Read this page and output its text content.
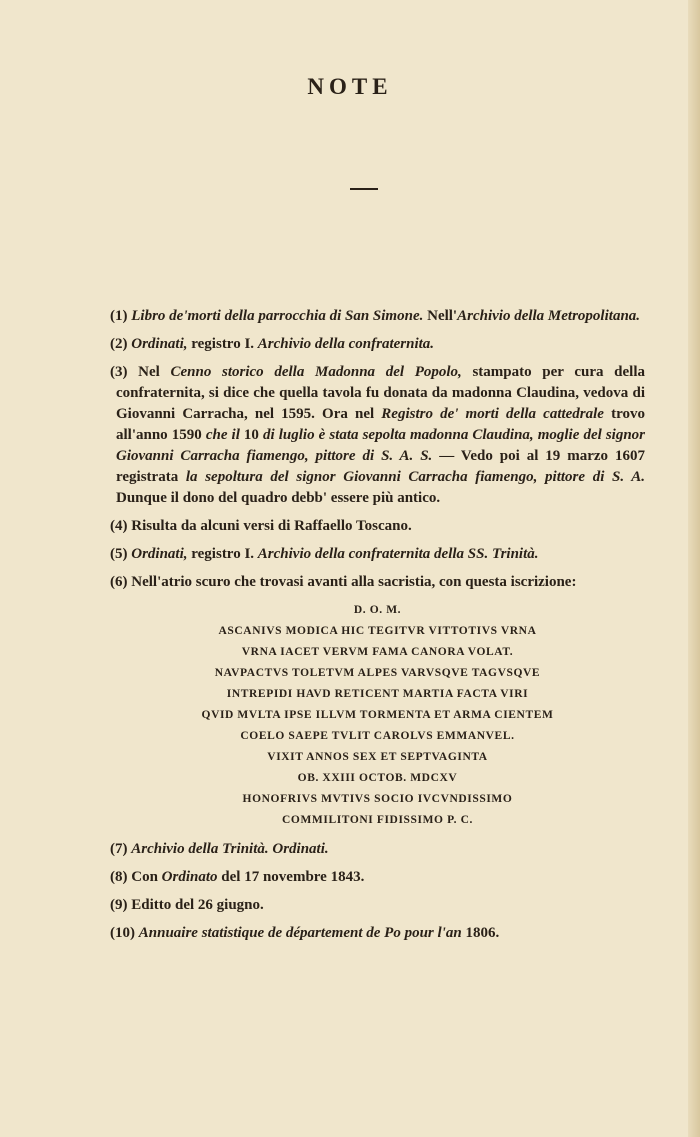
NOTE

(1) Libro de'morti della parrocchia di San Simone. Nell'Archivio della Metropolitana.

(2) Ordinati, registro I. Archivio della confraternita.

(3) Nel Cenno storico della Madonna del Popolo, stampato per cura della confraternita, si dice che quella tavola fu donata da madonna Claudina, vedova di Giovanni Carracha, nel 1595. Ora nel Registro de' morti della cattedrale trovo all'anno 1590 che il 10 di luglio è stata sepolta madonna Claudina, moglie del signor Giovanni Carracha fiamengo, pittore di S. A. S. — Vedo poi al 19 marzo 1607 registrata la sepoltura del signor Giovanni Carracha fiamengo, pittore di S. A. Dunque il dono del quadro debb' essere più antico.

(4) Risulta da alcuni versi di Raffaello Toscano.

(5) Ordinati, registro I. Archivio della confraternita della SS. Trinità.

(6) Nell'atrio scuro che trovasi avanti alla sacristia, con questa iscrizione:

D. O. M.
ASCANIVS MODICA HIC TEGITVR VITTOTIVS VRNA
VRNA IACET VERVM FAMA CANORA VOLAT.
NAVPACTVS TOLETVM ALPES VARVSQVE TAGVSQVE
INTREPIDI HAVD RETICENT MARTIA FACTA VIRI
QVID MVLTA IPSE ILLVM TORMENTA ET ARMA CIENTEM
COELO SAEPE TVLIT CAROLVS EMMANVEL.
VIXIT ANNOS SEX ET SEPTVAGINTA
OB. XXIII OCTOB. MDCXV
HONOFRIVS MVTIVS SOCIO IVCVNDISSIMO
COMMILITONI FIDISSIMO P. C.

(7) Archivio della Trinità. Ordinati.

(8) Con Ordinato del 17 novembre 1843.

(9) Editto del 26 giugno.

(10) Annuaire statistique de département de Po pour l'an 1806.
